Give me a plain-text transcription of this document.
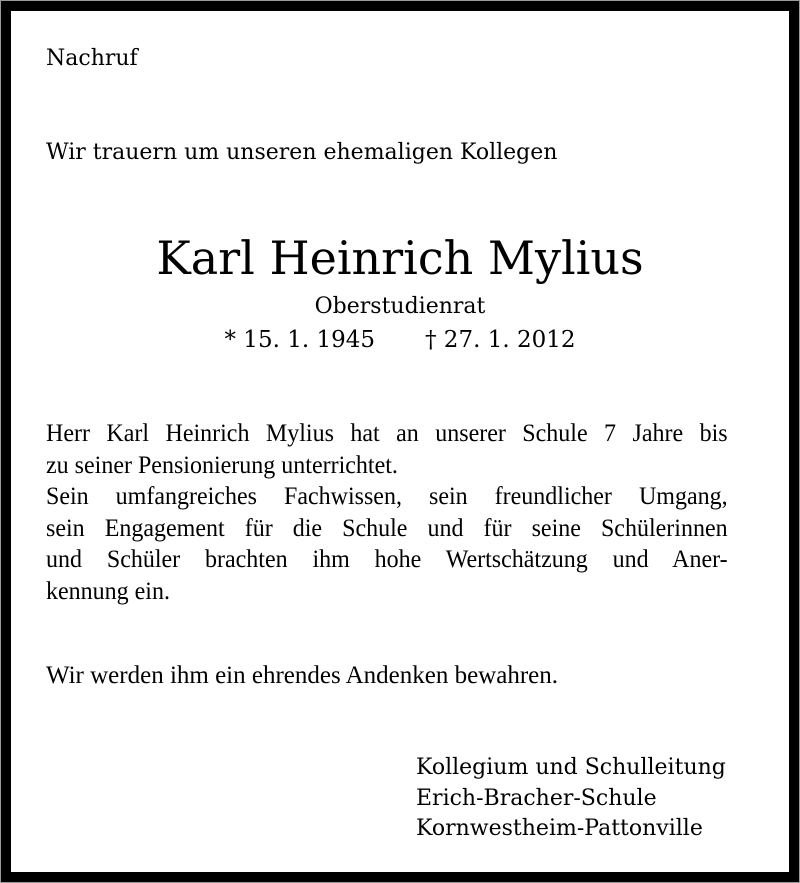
Nachruf
Wir trauern um unseren ehemaligen Kollegen
Karl Heinrich Mylius
Oberstudienrat
* 15. 1. 1945 † 27. 1. 2012
Herr Karl Heinrich Mylius hat an unserer Schule 7 Jahre bis
zu seiner Pensionierung unterrichtet.
Sein umfangreiches Fachwissen, sein freundlicher Umgang,
sein Engagement für die Schule und für seine Schülerinnen
und Schüler brachten ihm hohe Wertschätzung und Aner-
kennung ein.
Wir werden ihm ein ehrendes Andenken bewahren.
Kollegium und Schulleitung
Erich-Bracher-Schule
Kornwestheim-Pattonville
